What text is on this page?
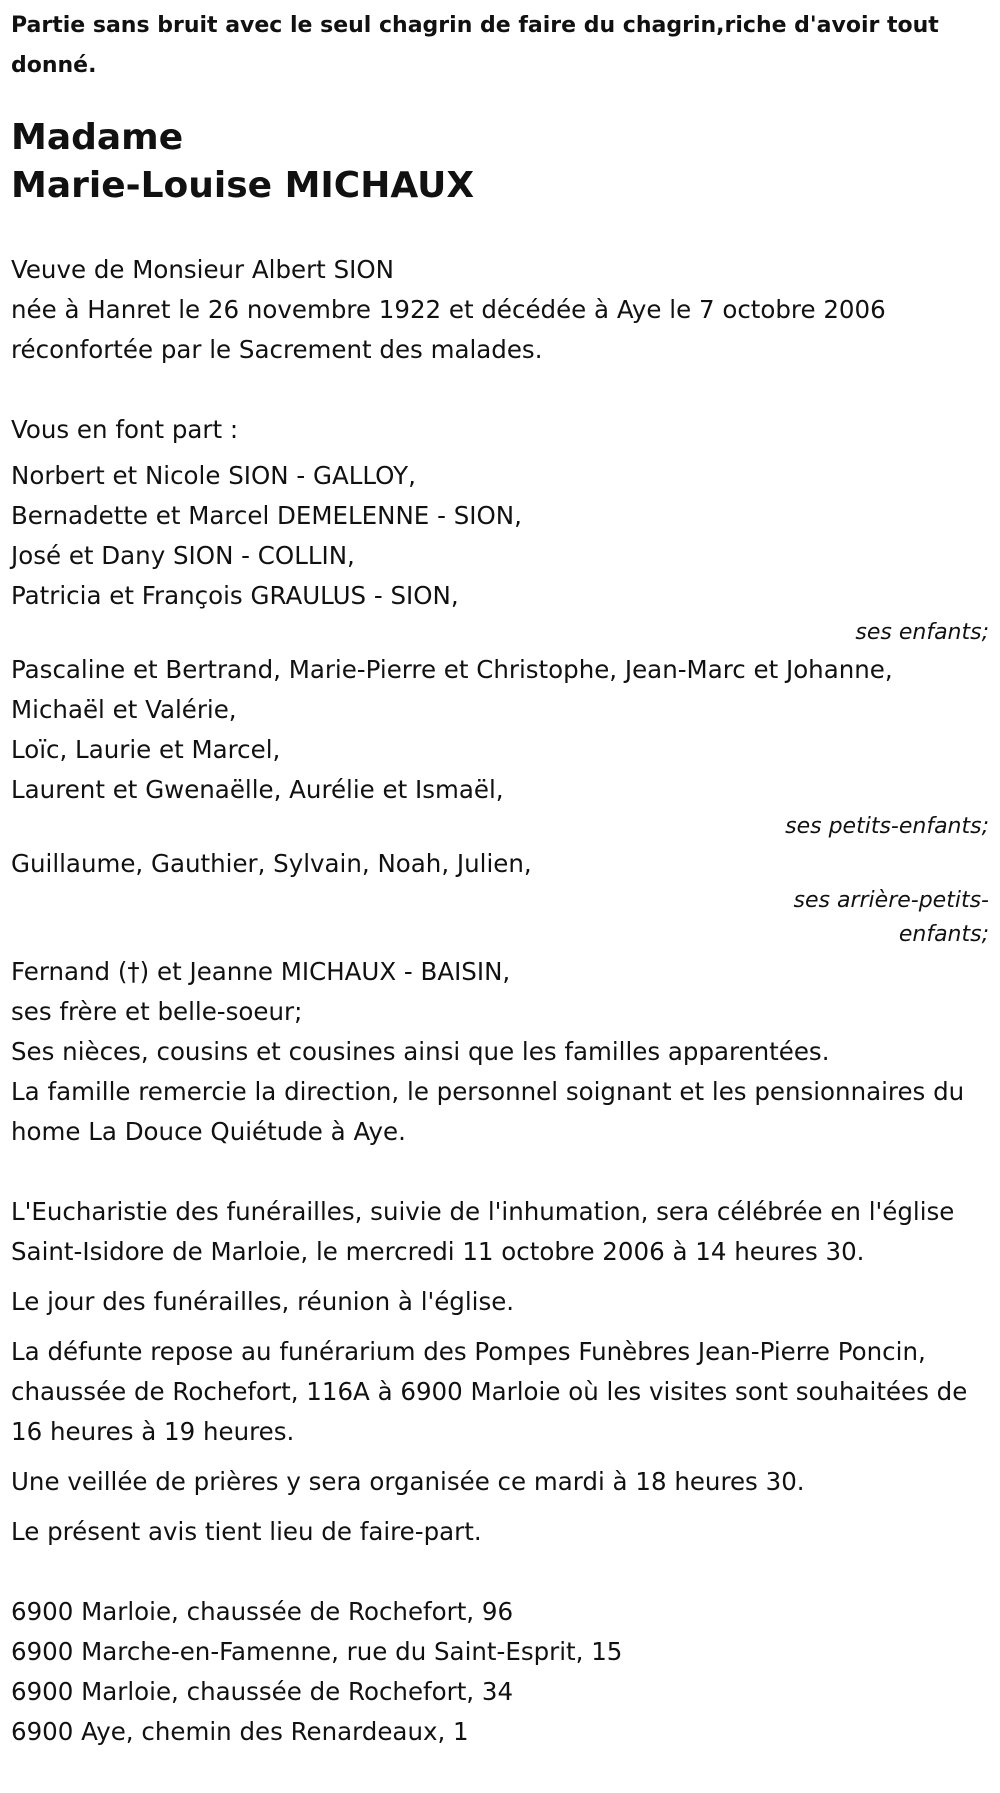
Partie sans bruit avec le seul chagrin de faire du chagrin,riche d'avoir tout donné.

Madame
Marie-Louise MICHAUX

Veuve de Monsieur Albert SION

née à Hanret le 26 novembre 1922 et décédée à Aye le 7 octobre 2006

réconfortée par le Sacrement des malades.

Vous en font part :

Norbert et Nicole SION - GALLOY,

Bernadette et Marcel DEMELENNE - SION,

José et Dany SION - COLLIN,

Patricia et François GRAULUS - SION,

ses enfants;

Pascaline et Bertrand, Marie-Pierre et Christophe, Jean-Marc et Johanne,

Michaël et Valérie,

Loïc, Laurie et Marcel,

Laurent et Gwenaëlle, Aurélie et Ismaël,

ses petits-enfants;

Guillaume, Gauthier, Sylvain, Noah, Julien,

ses arrière-petits-enfants;

Fernand (†) et Jeanne MICHAUX - BAISIN,

ses frère et belle-soeur;

Ses nièces, cousins et cousines ainsi que les familles apparentées.

La famille remercie la direction, le personnel soignant et les pensionnaires du home La Douce Quiétude à Aye.

L'Eucharistie des funérailles, suivie de l'inhumation, sera célébrée en l'église Saint-Isidore de Marloie, le mercredi 11 octobre 2006 à 14 heures 30.

Le jour des funérailles, réunion à l'église.

La défunte repose au funérarium des Pompes Funèbres Jean-Pierre Poncin, chaussée de Rochefort, 116A à 6900 Marloie où les visites sont souhaitées de 16 heures à 19 heures.

Une veillée de prières y sera organisée ce mardi à 18 heures 30.

Le présent avis tient lieu de faire-part.

6900 Marloie, chaussée de Rochefort, 96

6900 Marche-en-Famenne, rue du Saint-Esprit, 15

6900 Marloie, chaussée de Rochefort, 34

6900 Aye, chemin des Renardeaux, 1
